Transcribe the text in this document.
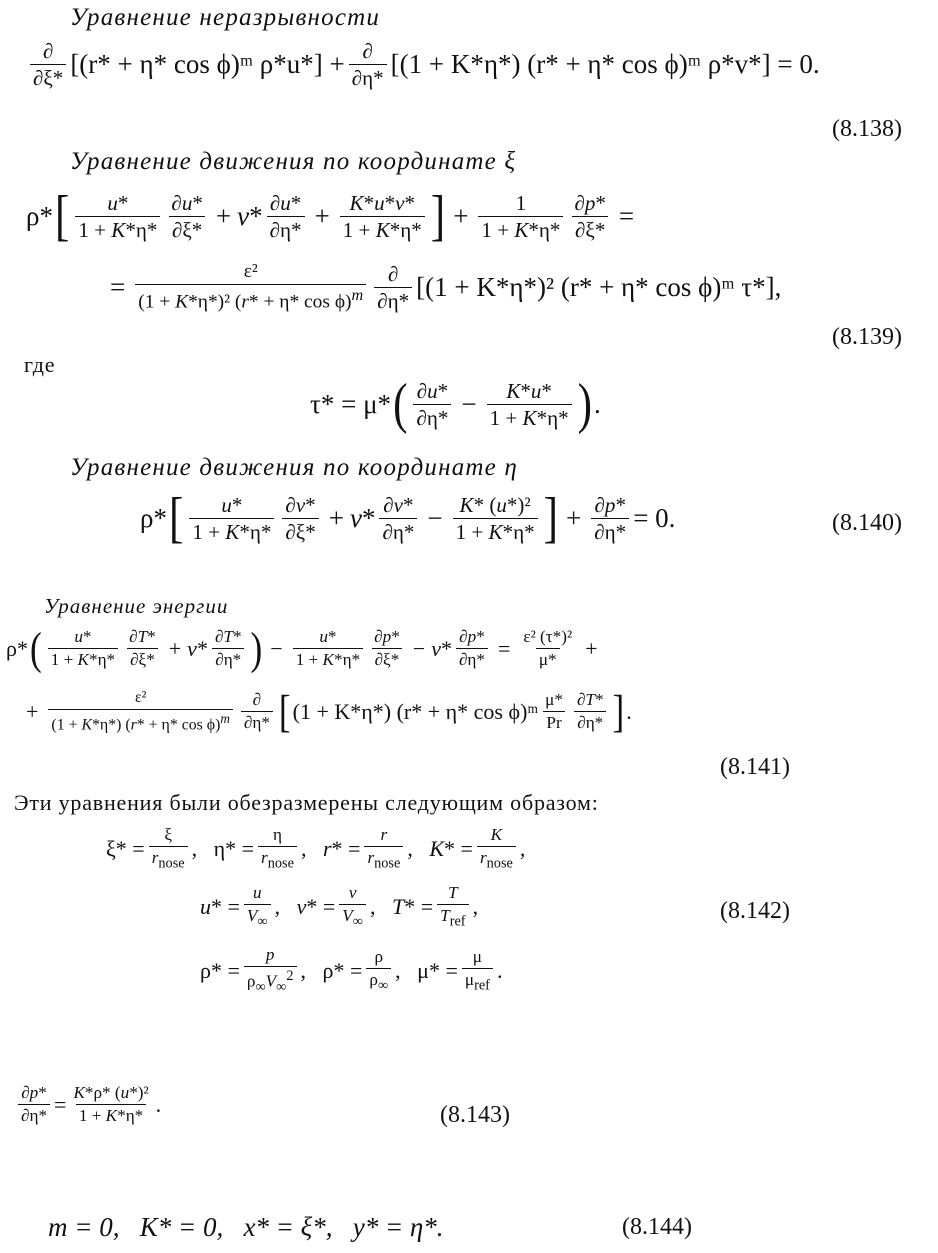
Уравнение неразрывности
∂
∂ξ* [(r* + η* cos ϕ)ᵐ ρ*u*] + ∂
∂η* [(1 + K*η*) (r* + η* cos ϕ)ᵐ ρ*v*] = 0.
(8.138)
Уравнение движения по координате ξ
ρ* [ u*
1 + K*η*
∂u*
∂ξ* + v * ∂u*
$\partial\eta* + \frac{K*u*v*}{1 + K*\eta*}$ ] + $\frac{1}{1 + K*\eta*} \frac{\partial p*}{\partial\xi*}$ =
= $\frac{\text{ε²}}{(1 + K*\eta*)^2 (r* + \eta* \cos \phi)^m}$ ∂
∂η* [(1 + K*η*)² (r* + η* cos ϕ)ᵐ τ*],
(8.139)
где
τ* = μ* ( ∂u*
$\partial\eta* - \frac{K*u*}{1 + K*\eta*}$ ) .
Уравнение движения по координате η
ρ* [ u*
1 + K*η*
∂v*
∂ξ* + v * ∂v*
$\partial\eta* - \frac{\text{K* (u*)²}}{1 + K*\eta*}$ ] + $\frac{\partial p*}{\partial\eta*} = 0$.	(8.140)
Уравнение энергии
ρ* ( u*
1 + K*η*
∂T*
∂ξ* + v * ∂T*
∂η* ) − $\frac{u*}{1 + K*\eta*} \partial p*$
$\partial\xi* - v * \frac{\partial p*}{\partial\eta*} = \frac{\text{ε² (τ*)²}}{\mu*}$ +
+ $\frac{\text{ε²}}{(1 + K*\eta*) (r* + \eta* \cos \phi)^m}$ ∂
∂η* [ (1 + K*η*) (r* + η* cos ϕ)ᵐ μ*
Pr
∂T*
∂η* ] .
(8.141)
Эти уравнения были обезразмерены следующим образом:
ξ* =
ξ
$r_{nose}$
, η* =
η
$r_{nose}$
, r* =
r
$r_{nose}$
, K* =
K
$r_{nose}$
,
$u* = \frac{u}{V_\infty}$ , $v* = \frac{v}{V_\infty}$ , T* =
T
$T_{ref}$
,	(8.142)
$\rho* = \frac{p}{\rho_\infty V_\infty^2}$ , $\rho* = \frac{\rho}{\rho_\infty}$ , μ* =
μ
$\mu_{ref}$
.
$\frac{\partial p*}{\partial\eta*} = \frac{\text{K*ρ* (u*)²}}{1 + K*\eta*}$ .	(8.143)
m = 0,   K* = 0,   x* = ξ*,   y* = η*.	(8.144)
